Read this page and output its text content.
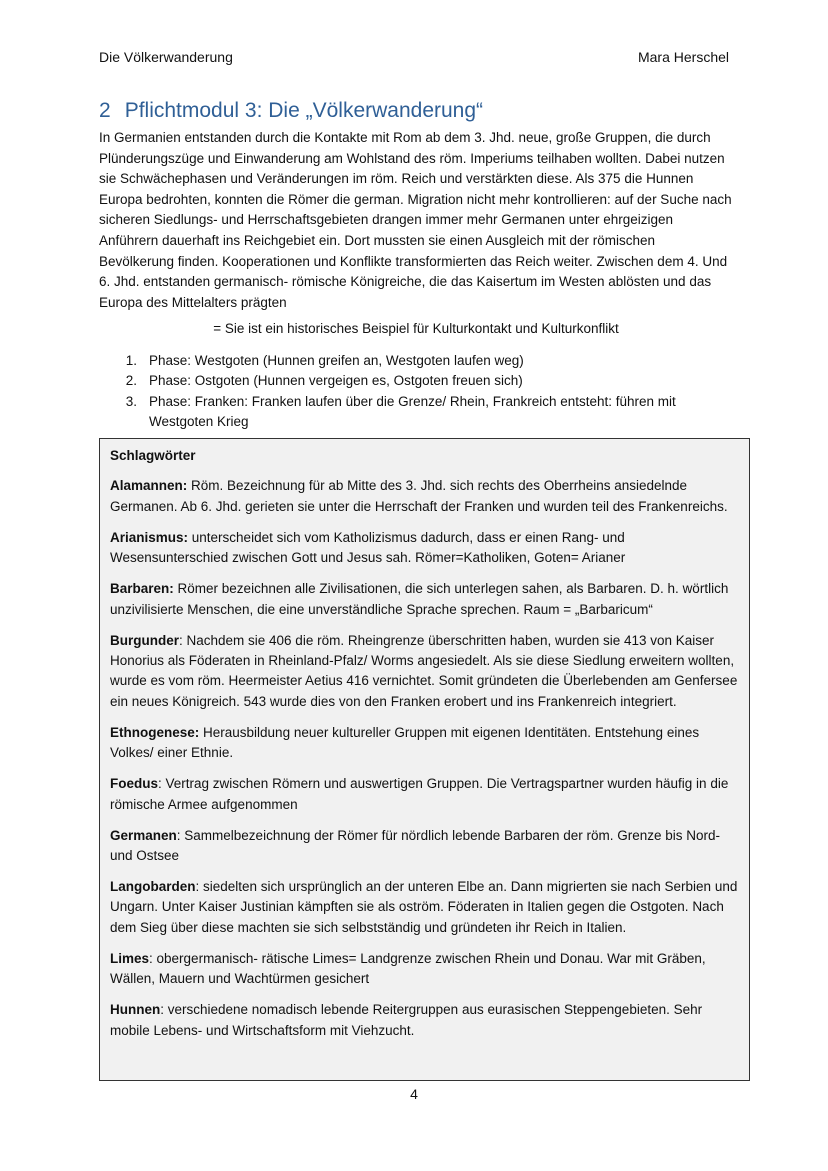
Die Völkerwanderung	Mara Herschel
2 Pflichtmodul 3: Die „Völkerwanderung“

In Germanien entstanden durch die Kontakte mit Rom ab dem 3. Jhd. neue, große Gruppen, die durch Plünderungszüge und Einwanderung am Wohlstand des röm. Imperiums teilhaben wollten. Dabei nutzen sie Schwächephasen und Veränderungen im röm. Reich und verstärkten diese. Als 375 die Hunnen Europa bedrohten, konnten die Römer die german. Migration nicht mehr kontrollieren: auf der Suche nach sicheren Siedlungs- und Herrschaftsgebieten drangen immer mehr Germanen unter ehrgeizigen Anführern dauerhaft ins Reichgebiet ein. Dort mussten sie einen Ausgleich mit der römischen Bevölkerung finden. Kooperationen und Konflikte transformierten das Reich weiter. Zwischen dem 4. Und 6. Jhd. entstanden germanisch- römische Königreiche, die das Kaisertum im Westen ablösten und das Europa des Mittelalters prägten

= Sie ist ein historisches Beispiel für Kulturkontakt und Kulturkonflikt

1. Phase: Westgoten (Hunnen greifen an, Westgoten laufen weg)
2. Phase: Ostgoten (Hunnen vergeigen es, Ostgoten freuen sich)
3. Phase: Franken: Franken laufen über die Grenze/ Rhein, Frankreich entsteht: führen mit Westgoten Krieg
Schlagwörter

Alamannen: Röm. Bezeichnung für ab Mitte des 3. Jhd. sich rechts des Oberrheins ansiedelnde Germanen. Ab 6. Jhd. gerieten sie unter die Herrschaft der Franken und wurden teil des Frankenreichs.

Arianismus: unterscheidet sich vom Katholizismus dadurch, dass er einen Rang- und Wesensunterschied zwischen Gott und Jesus sah. Römer=Katholiken, Goten= Arianer

Barbaren: Römer bezeichnen alle Zivilisationen, die sich unterlegen sahen, als Barbaren. D. h. wörtlich unzivilisierte Menschen, die eine unverständliche Sprache sprechen. Raum = „Barbaricum“

Burgunder: Nachdem sie 406 die röm. Rheingrenze überschritten haben, wurden sie 413 von Kaiser Honorius als Föderaten in Rheinland-Pfalz/ Worms angesiedelt. Als sie diese Siedlung erweitern wollten, wurde es vom röm. Heermeister Aetius 416 vernichtet. Somit gründeten die Überlebenden am Genfersee ein neues Königreich. 543 wurde dies von den Franken erobert und ins Frankenreich integriert.

Ethnogenese: Herausbildung neuer kultureller Gruppen mit eigenen Identitäten. Entstehung eines Volkes/ einer Ethnie.

Foedus: Vertrag zwischen Römern und auswertigen Gruppen. Die Vertragspartner wurden häufig in die römische Armee aufgenommen

Germanen: Sammelbezeichnung der Römer für nördlich lebende Barbaren der röm. Grenze bis Nord- und Ostsee

Langobarden: siedelten sich ursprünglich an der unteren Elbe an. Dann migrierten sie nach Serbien und Ungarn. Unter Kaiser Justinian kämpften sie als oström. Föderaten in Italien gegen die Ostgoten. Nach dem Sieg über diese machten sie sich selbstständig und gründeten ihr Reich in Italien.

Limes: obergermanisch- rätische Limes= Landgrenze zwischen Rhein und Donau. War mit Gräben, Wällen, Mauern und Wachtürmen gesichert

Hunnen: verschiedene nomadisch lebende Reitergruppen aus eurasischen Steppengebieten. Sehr mobile Lebens- und Wirtschaftsform mit Viehzucht.

4
